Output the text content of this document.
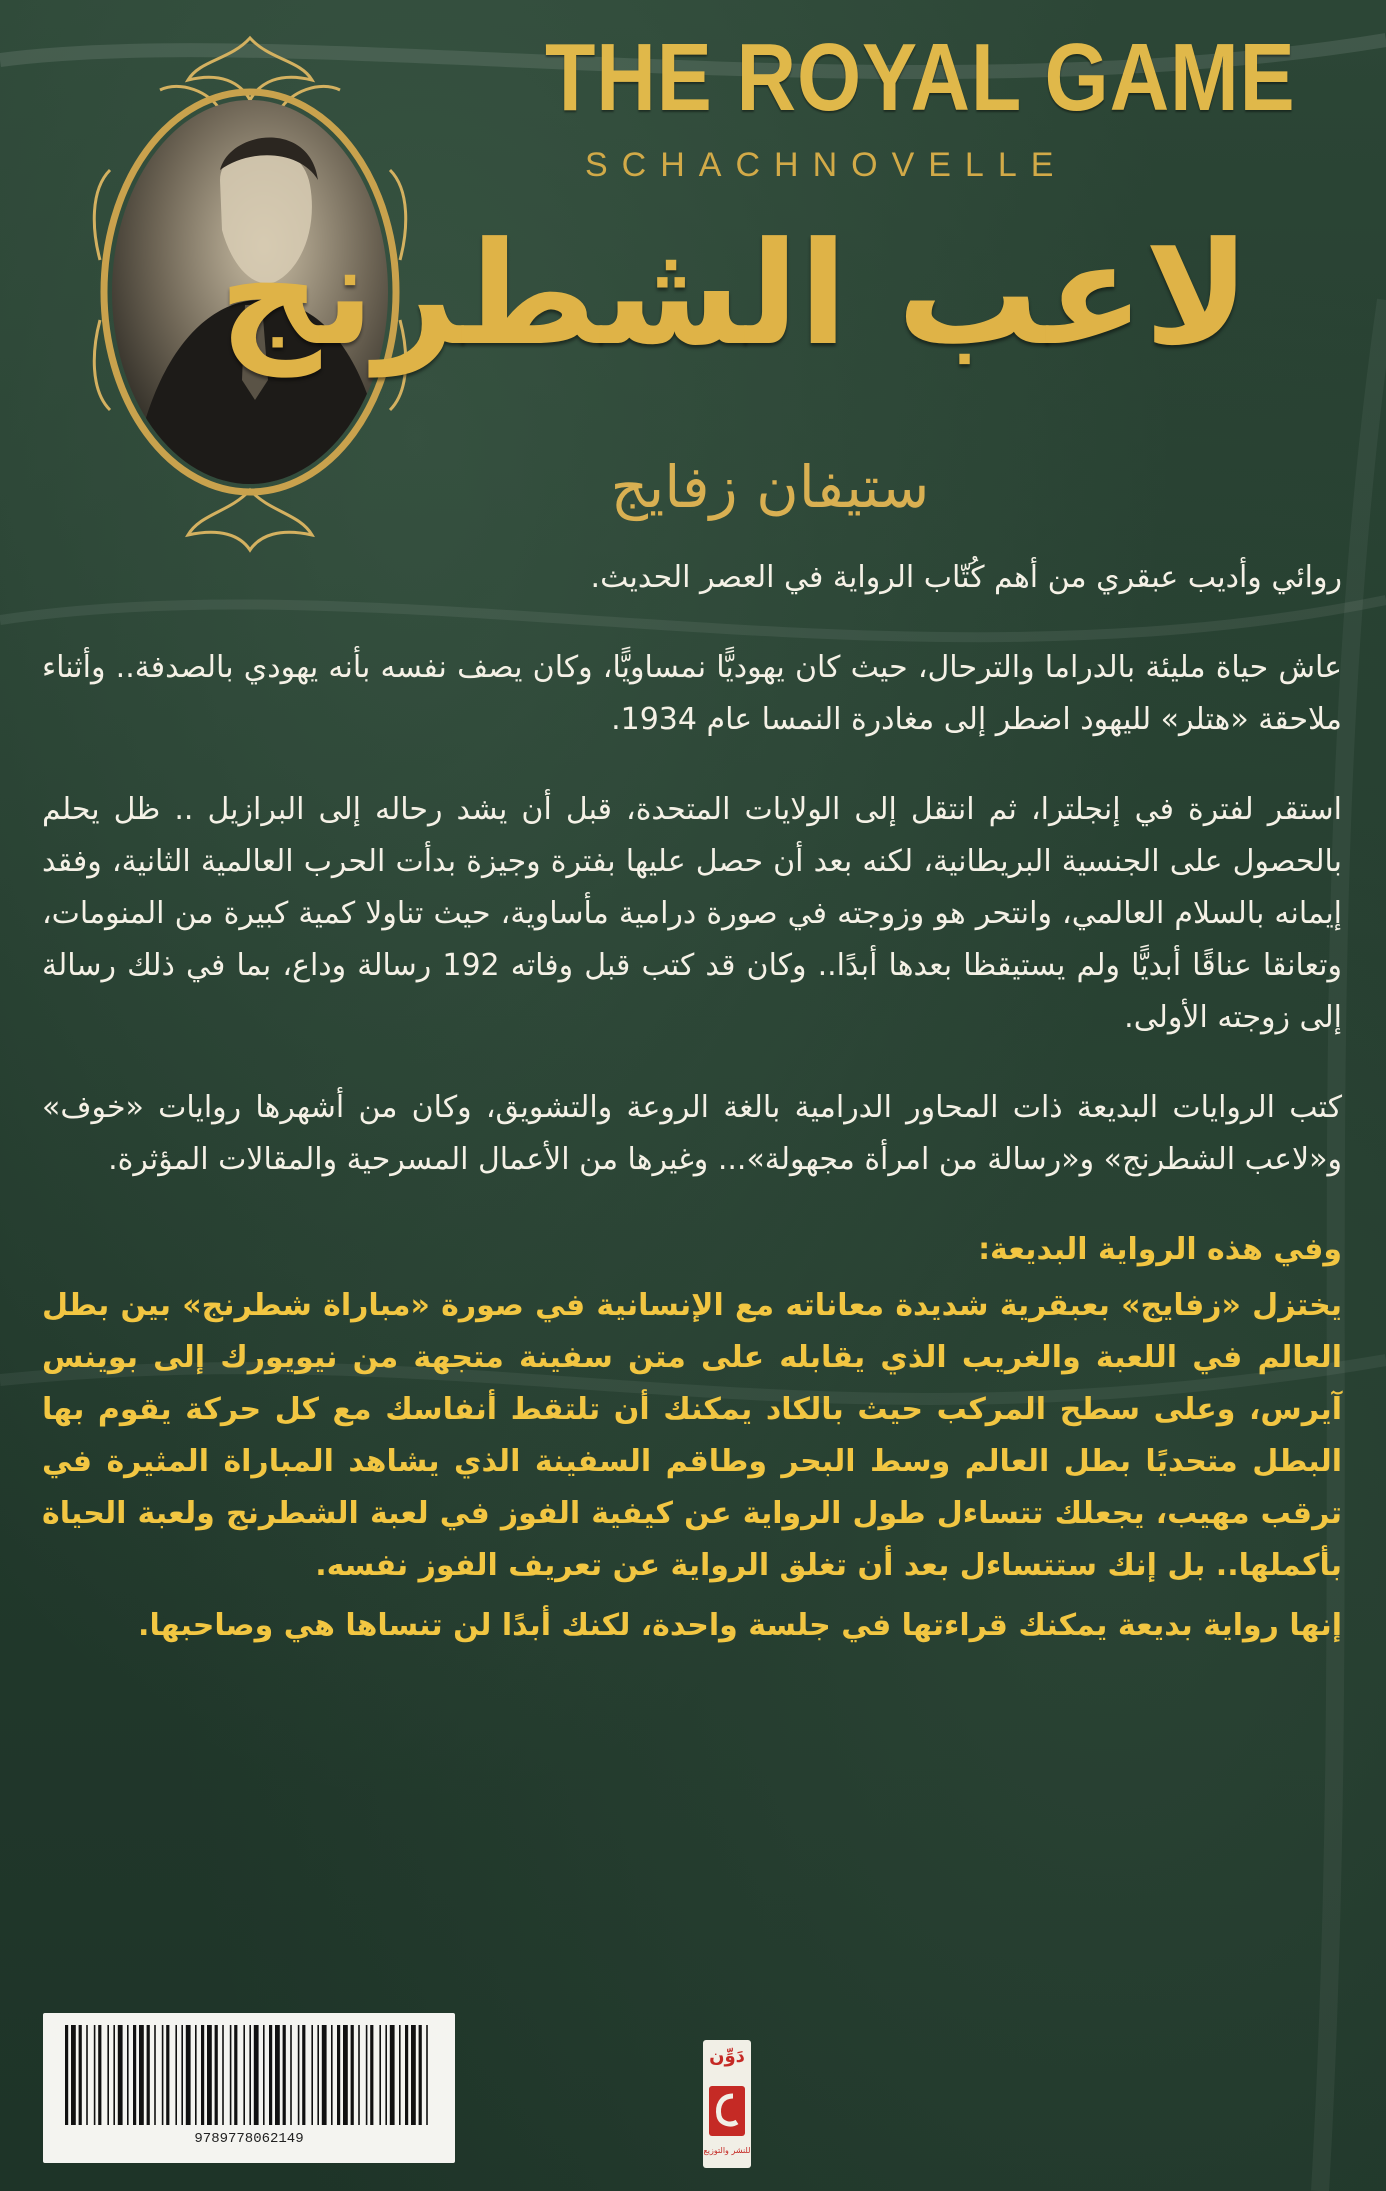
THE ROYAL GAME
SCHACHNOVELLE
لاعب الشطرنج
ستيفان زفايج

روائي وأديب عبقري من أهم كُتّاب الرواية في العصر الحديث.

عاش حياة مليئة بالدراما والترحال، حيث كان يهوديًّا نمساويًّا، وكان يصف نفسه بأنه يهودي بالصدفة.. وأثناء ملاحقة «هتلر» لليهود اضطر إلى مغادرة النمسا عام 1934.

استقر لفترة في إنجلترا، ثم انتقل إلى الولايات المتحدة، قبل أن يشد رحاله إلى البرازيل .. ظل يحلم بالحصول على الجنسية البريطانية، لكنه بعد أن حصل عليها بفترة وجيزة بدأت الحرب العالمية الثانية، وفقد إيمانه بالسلام العالمي، وانتحر هو وزوجته في صورة درامية مأساوية، حيث تناولا كمية كبيرة من المنومات، وتعانقا عناقًا أبديًّا ولم يستيقظا بعدها أبدًا.. وكان قد كتب قبل وفاته 192 رسالة وداع، بما في ذلك رسالة إلى زوجته الأولى.

كتب الروايات البديعة ذات المحاور الدرامية بالغة الروعة والتشويق، وكان من أشهرها روايات «خوف» و«لاعب الشطرنج» و«رسالة من امرأة مجهولة»... وغيرها من الأعمال المسرحية والمقالات المؤثرة.

وفي هذه الرواية البديعة:

يختزل «زفايج» بعبقرية شديدة معاناته مع الإنسانية في صورة «مباراة شطرنج» بين بطل العالم في اللعبة والغريب الذي يقابله على متن سفينة متجهة من نيويورك إلى بوينس آيرس، وعلى سطح المركب حيث بالكاد يمكنك أن تلتقط أنفاسك مع كل حركة يقوم بها البطل متحديًا بطل العالم وسط البحر وطاقم السفينة الذي يشاهد المباراة المثيرة في ترقب مهيب، يجعلك تتساءل طول الرواية عن كيفية الفوز في لعبة الشطرنج ولعبة الحياة بأكملها.. بل إنك ستتساءل بعد أن تغلق الرواية عن تعريف الفوز نفسه.

إنها رواية بديعة يمكنك قراءتها في جلسة واحدة، لكنك أبدًا لن تنساها هي وصاحبها.

9789778062149
دَوِّن
للنشر والتوزيع
